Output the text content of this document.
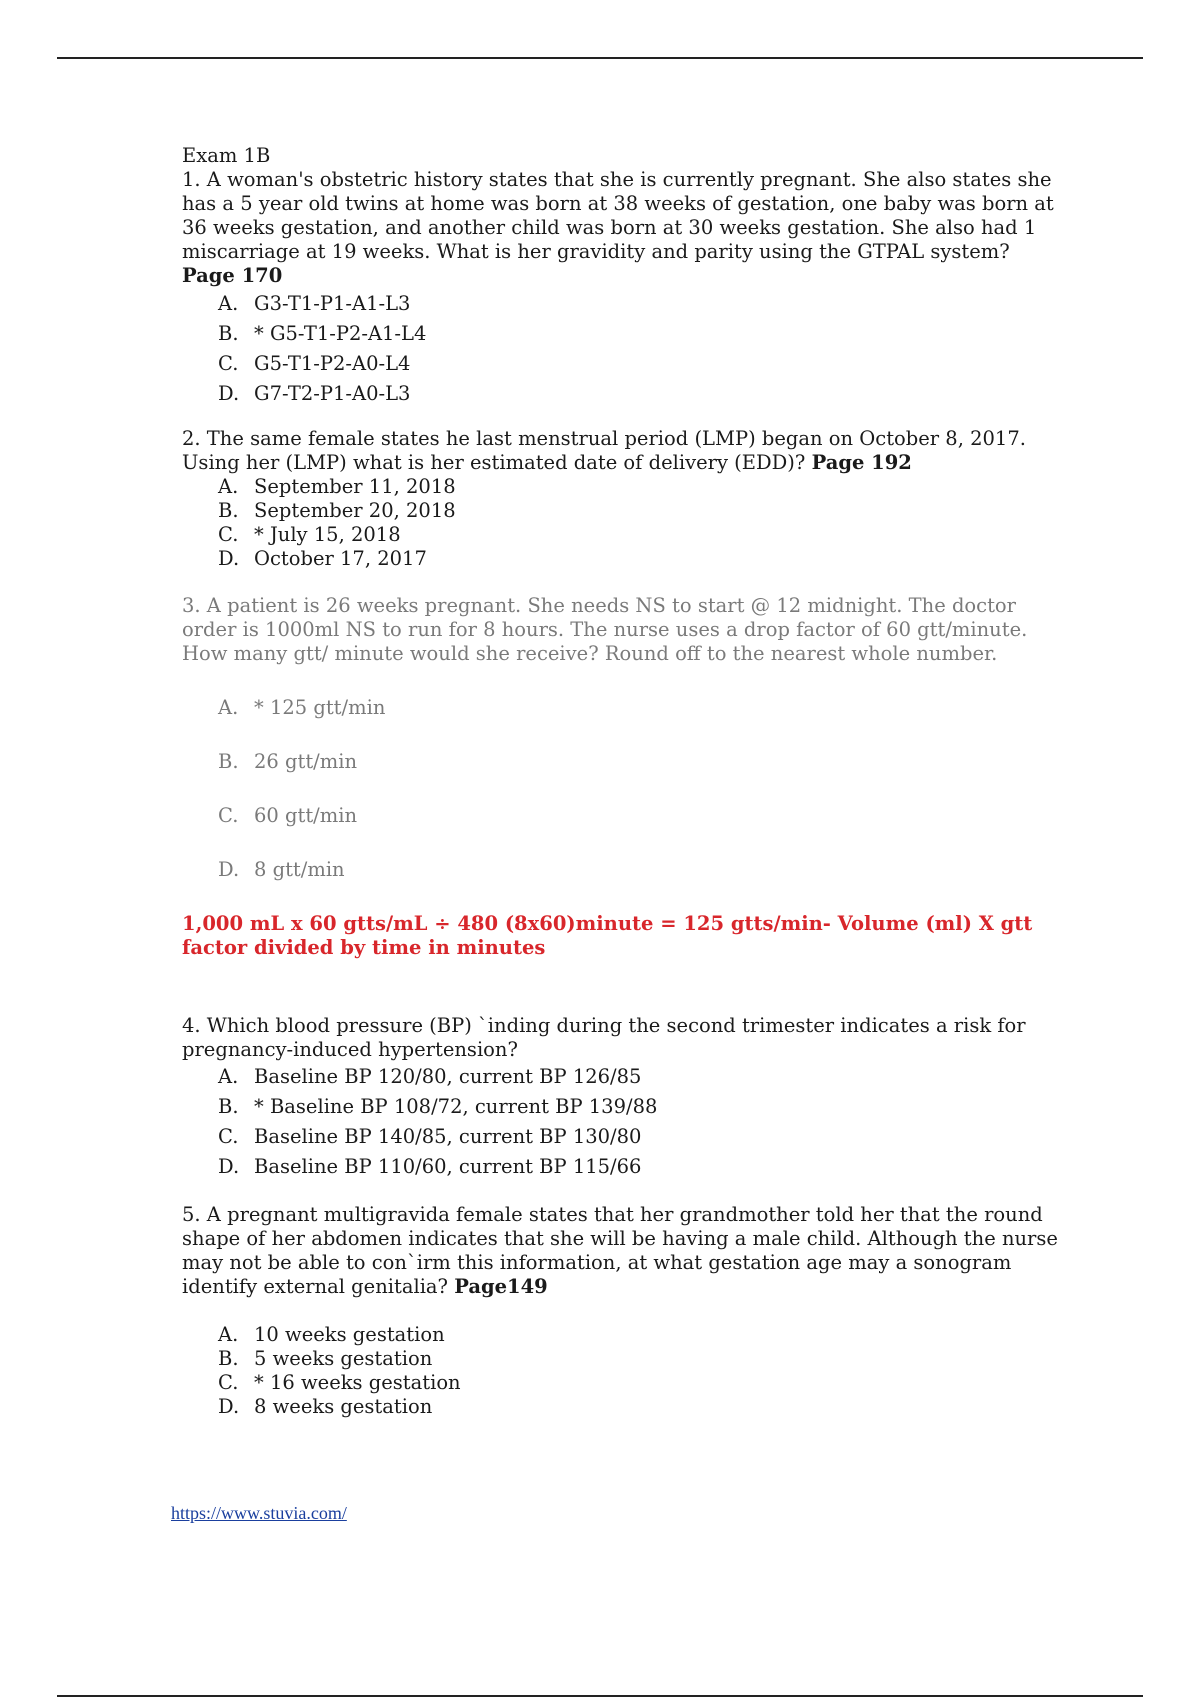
Exam 1B

1. A woman's obstetric history states that she is currently pregnant. She also states she has a 5 year old twins at home was born at 38 weeks of gestation, one baby was born at 36 weeks gestation, and another child was born at 30 weeks gestation. She also had 1 miscarriage at 19 weeks. What is her gravidity and parity using the GTPAL system? Page 170

A. G3-T1-P1-A1-L3
B. * G5-T1-P2-A1-L4
C. G5-T1-P2-A0-L4
D. G7-T2-P1-A0-L3

2. The same female states he last menstrual period (LMP) began on October 8, 2017. Using her (LMP) what is her estimated date of delivery (EDD)? Page 192

A. September 11, 2018
B. September 20, 2018
C. * July 15, 2018
D. October 17, 2017

3. A patient is 26 weeks pregnant. She needs NS to start @ 12 midnight. The doctor order is 1000ml NS to run for 8 hours. The nurse uses a drop factor of 60 gtt/minute. How many gtt/ minute would she receive? Round off to the nearest whole number.

A. * 125 gtt/min
B. 26 gtt/min
C. 60 gtt/min
D. 8 gtt/min

1,000 mL x 60 gtts/mL ÷ 480 (8x60)minute = 125 gtts/min- Volume (ml) X gtt factor divided by time in minutes

4. Which blood pressure (BP) `inding during the second trimester indicates a risk for pregnancy-induced hypertension?

A. Baseline BP 120/80, current BP 126/85
B. * Baseline BP 108/72, current BP 139/88
C. Baseline BP 140/85, current BP 130/80
D. Baseline BP 110/60, current BP 115/66

5. A pregnant multigravida female states that her grandmother told her that the round shape of her abdomen indicates that she will be having a male child. Although the nurse may not be able to con`irm this information, at what gestation age may a sonogram identify external genitalia? Page149

A. 10 weeks gestation
B. 5 weeks gestation
C. * 16 weeks gestation
D. 8 weeks gestation
https://www.stuvia.com/
